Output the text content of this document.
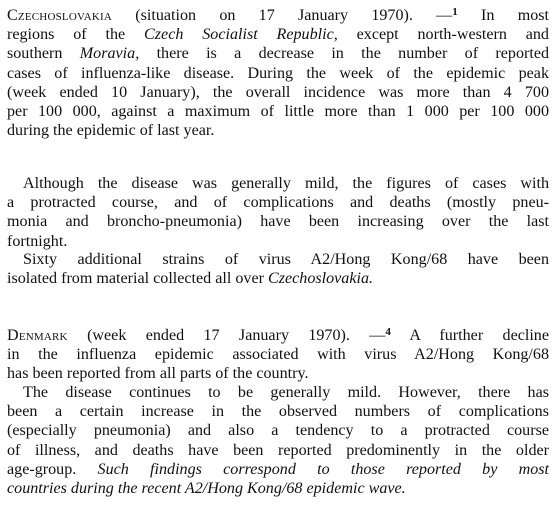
Czechoslovakia (situation on 17 January 1970). —$^1$ In most
regions of the Czech Socialist Republic, except north-western and
southern Moravia, there is a decrease in the number of reported
cases of influenza-like disease. During the week of the epidemic peak
(week ended 10 January), the overall incidence was more than 4 700
per 100 000, against a maximum of little more than 1 000 per 100 000
during the epidemic of last year.

Although the disease was generally mild, the figures of cases with
a protracted course, and of complications and deaths (mostly pneu-
monia and broncho-pneumonia) have been increasing over the last
fortnight.

Sixty additional strains of virus A2/Hong Kong/68 have been
isolated from material collected all over Czechoslovakia.

Denmark (week ended 17 January 1970). —$^4$ A further decline
in the influenza epidemic associated with virus A2/Hong Kong/68
has been reported from all parts of the country.

The disease continues to be generally mild. However, there has
been a certain increase in the observed numbers of complications
(especially pneumonia) and also a tendency to a protracted course
of illness, and deaths have been reported predominently in the older
age-group. Such findings correspond to those reported by most
countries during the recent A2/Hong Kong/68 epidemic wave.
